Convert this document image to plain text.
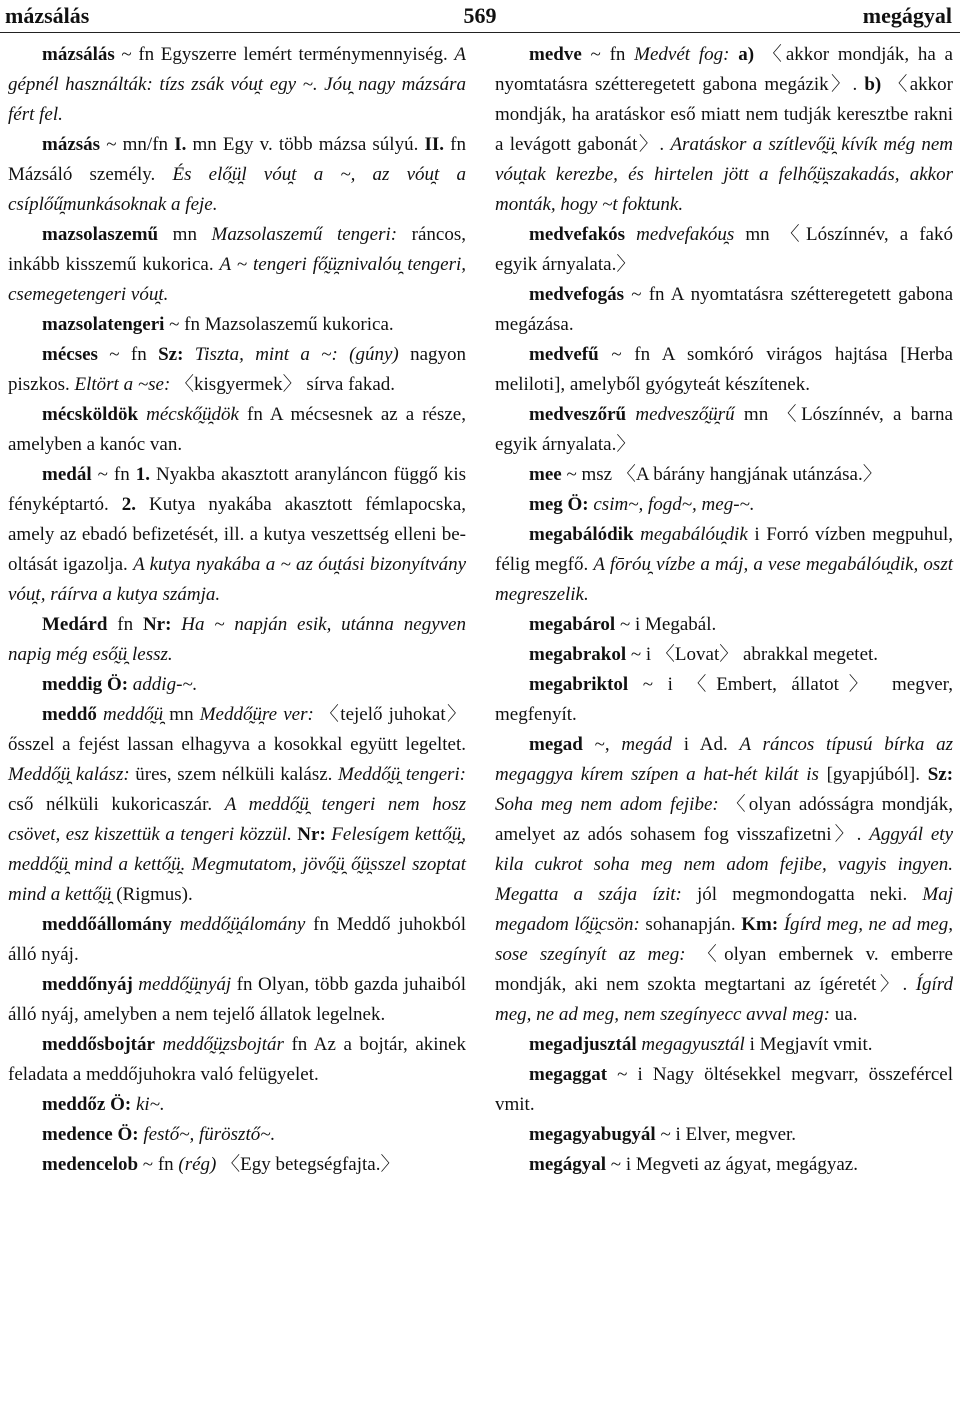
mázsálás	569	megágyal

mázsálás ~ fn Egyszerre lemért terménymennyiség. A gépnél használták: tízs zsák vóu̯t egy ~. Jóu̯ nagy mázsára fért fel.

mázsás ~ mn/fn I. mn Egy v. több mázsa súlyú. II. fn Mázsáló személy. És elő̰ü̯l vóu̯t a ~, az vóu̯t a csíplőű̯munkásoknak a feje.

mazsolaszemű mn Mazsolaszemű tengeri: ráncos, inkább kisszemű kukorica. A ~ tengeri fő̰ü̯znivalóu̯ tengeri, csemegetengeri vóu̯t.

mazsolatengeri ~ fn Mazsolaszemű kukorica.

mécses ~ fn Sz: Tiszta, mint a ~: (gúny) nagyon piszkos. Eltört a ~se: 〈kisgyermek〉 sírva fakad.

mécsköldök mécskő̰ü̯dök fn A mécsesnek az a része, amelyben a kanóc van.

medál ~ fn 1. Nyakba akasztott aranyláncon függő kis fényképtartó. 2. Kutya nyakába akasztott fémlapocska, amely az ebadó befizetését, ill. a kutya veszettség elleni beoltását igazolja. A kutya nyakába a ~ az óu̯tási bizonyítvány vóu̯t, ráírva a kutya számja.

Medárd fn Nr: Ha ~ napján esik, utánna negyven napig még eső̰ü̯ lessz.

meddig Ö: addig-~.

meddő meddő̰ü̯ mn Meddő̰ü̯re ver: 〈tejelő juhokat〉 ősszel a fejést lassan elhagyva a kosokkal együtt legeltet. Meddő̰ü̯ kalász: üres, szem nélküli kalász. Meddő̰ü̯ tengeri: cső nélküli kukoricaszár. A meddő̰ü̯ tengeri nem hosz csövet, esz kiszettük a tengeri közzül. Nr: Felesígem kettő̰ü̯, meddő̰ü̯ mind a kettő̰ü̯. Megmutatom, jövő̰ü̯ ő̰ü̯sszel szoptat mind a kettő̰ü̯ (Rigmus).

meddőállomány meddő̰ü̯álomány fn Meddő juhokból álló nyáj.

meddőnyáj meddő̰ü̯nyáj fn Olyan, több gazda juhaiból álló nyáj, amelyben a nem tejelő állatok legelnek.

meddősbojtár meddő̰ü̯zsbojtár fn Az a bojtár, akinek feladata a meddőjuhokra való felügyelet.

meddőz Ö: ki~.

medence Ö: festő~, fürösztő~.

medencelob ~ fn (rég) 〈Egy betegségfajta.〉

medve ~ fn Medvét fog: a) 〈akkor mondják, ha a nyomtatásra szétteregetett gabona megázik〉. b) 〈akkor mondják, ha aratáskor eső miatt nem tudják keresztbe rakni a levágott gabonát〉. Aratáskor a szítlevő̰ü̯ kívík még nem vóu̯tak kerezbe, és hirtelen jött a felhő̰ü̯szakadás, akkor monták, hogy ~t foktunk.

medvefakós medvefakóu̯s mn 〈Lószínnév, a fakó egyik árnyalata.〉

medvefogás ~ fn A nyomtatásra szétteregetett gabona megázása.

medvefű ~ fn A somkóró virágos hajtása [Herba meliloti], amelyből gyógyteát készítenek.

medveszőrű medvesző̰ü̯rű mn 〈Lószínnév, a barna egyik árnyalata.〉

mee ~ msz 〈A bárány hangjának utánzása.〉

meg Ö: csim~, fogd~, meg-~.

megabálódik megabálóu̯dik i Forró vízben megpuhul, félig megfő. A fōróu̯ vízbe a máj, a vese megabálóu̯dik, oszt megreszelik.

megabárol ~ i Megabál.

megabrakol ~ i 〈Lovat〉 abrakkal megetet.

megabriktol ~ i 〈Embert, állatot〉 megver, megfenyít.

megad ~, megád i Ad. A ráncos típusú bírka az megaggya kírem szípen a hat-hét kilát is [gyapjúból]. Sz: Soha meg nem adom fejibe: 〈olyan adósságra mondják, amelyet az adós sohasem fog visszafizetni〉. Aggyál ety kila cukrot soha meg nem adom fejibe, vagyis ingyen. Megatta a szája ízit: jól megmondogatta neki. Maj megadom lő̰ü̯csön: sohanapján. Km: Ígírd meg, ne ad meg, sose szegínyít az meg: 〈olyan embernek v. emberre mondják, aki nem szokta megtartani az ígéretét〉. Ígírd meg, ne ad meg, nem szegínyecc avval meg: ua.

megadjusztál megagyusztál i Megjavít vmit.

megaggat ~ i Nagy öltésekkel megvarr, összefércel vmit.

megagyabugyál ~ i Elver, megver.

megágyal ~ i Megveti az ágyat, megágyaz.
